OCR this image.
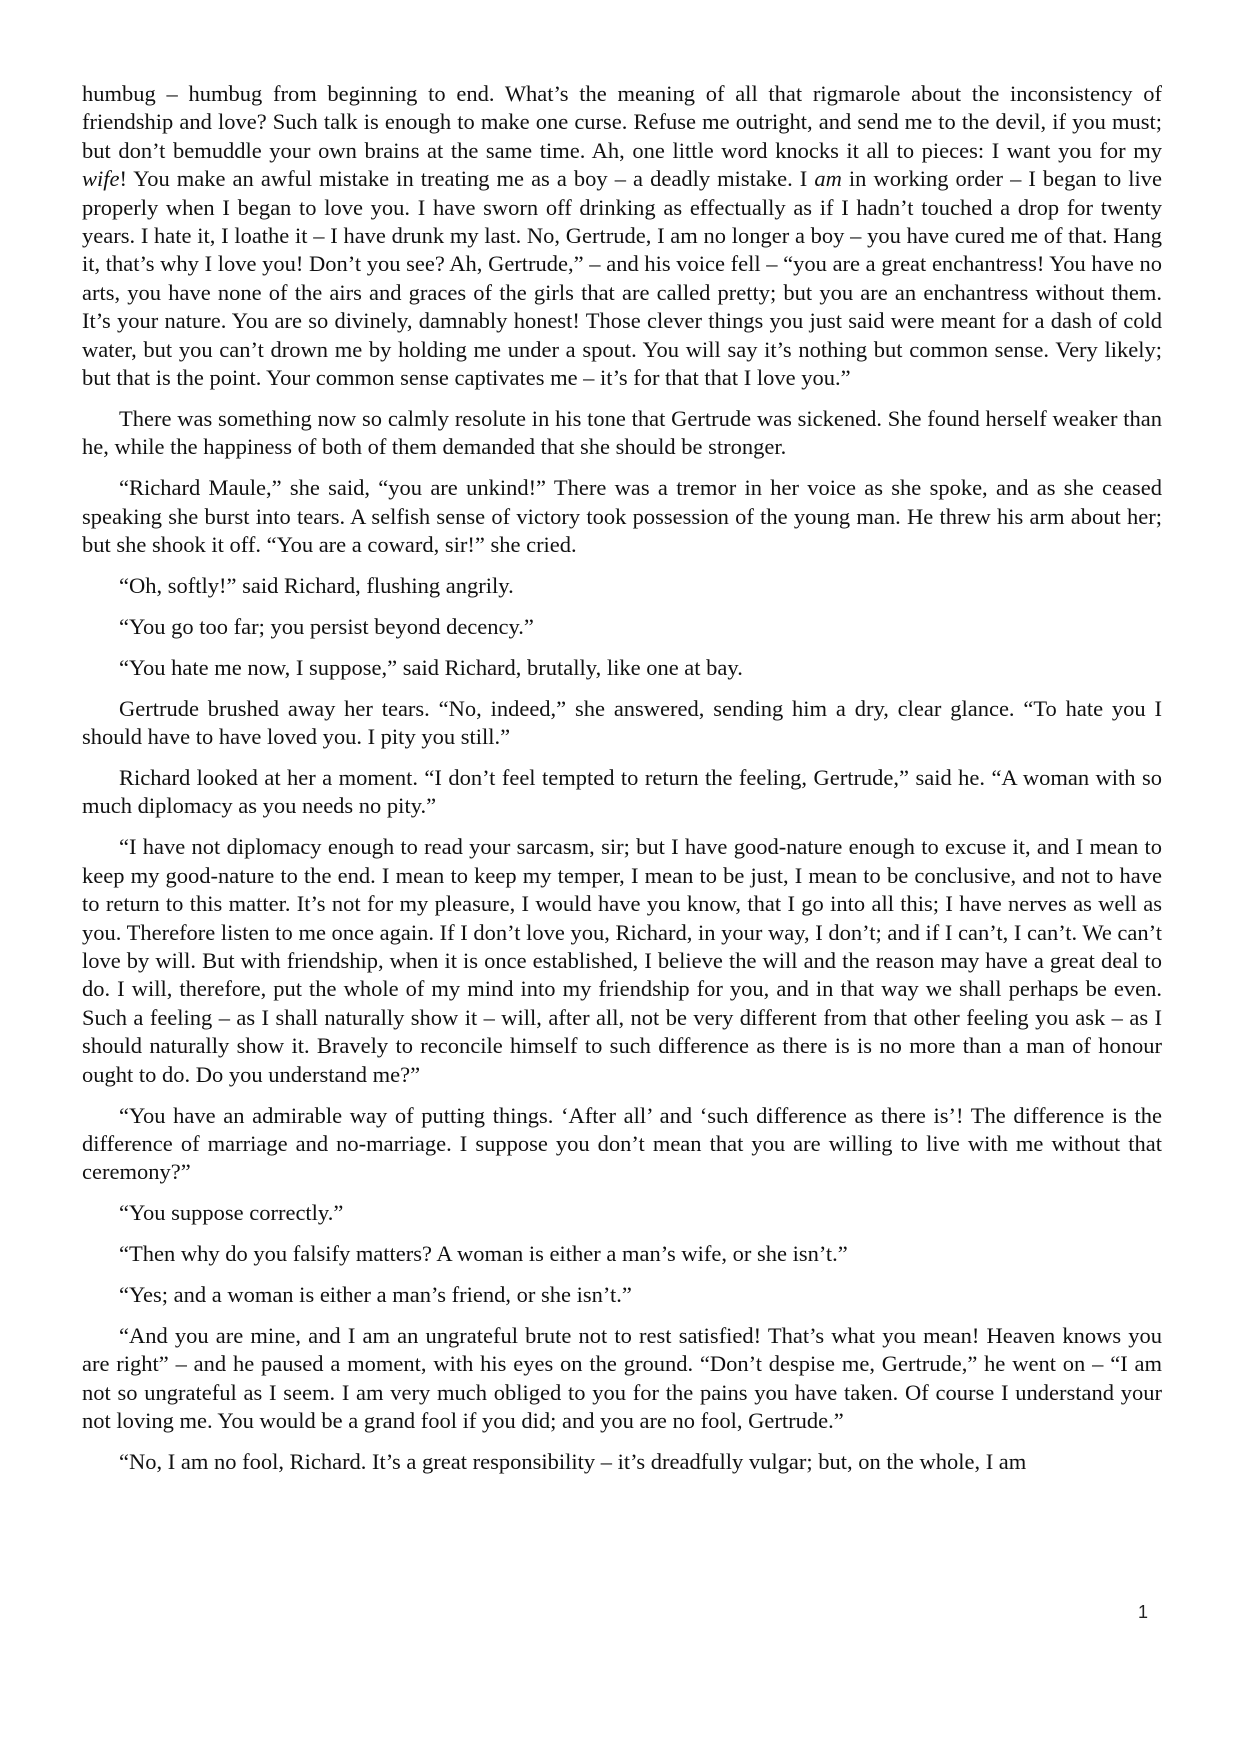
humbug – humbug from beginning to end. What’s the meaning of all that rigmarole about the inconsistency of friendship and love? Such talk is enough to make one curse. Refuse me outright, and send me to the devil, if you must; but don’t bemuddle your own brains at the same time. Ah, one little word knocks it all to pieces: I want you for my wife! You make an awful mistake in treating me as a boy – a deadly mistake. I am in working order – I began to live properly when I began to love you. I have sworn off drinking as effectually as if I hadn’t touched a drop for twenty years. I hate it, I loathe it – I have drunk my last. No, Gertrude, I am no longer a boy – you have cured me of that. Hang it, that’s why I love you! Don’t you see? Ah, Gertrude,” – and his voice fell – “you are a great enchantress! You have no arts, you have none of the airs and graces of the girls that are called pretty; but you are an enchantress without them. It’s your nature. You are so divinely, damnably honest! Those clever things you just said were meant for a dash of cold water, but you can’t drown me by holding me under a spout. You will say it’s nothing but common sense. Very likely; but that is the point. Your common sense captivates me – it’s for that that I love you.”

There was something now so calmly resolute in his tone that Gertrude was sickened. She found herself weaker than he, while the happiness of both of them demanded that she should be stronger.

“Richard Maule,” she said, “you are unkind!” There was a tremor in her voice as she spoke, and as she ceased speaking she burst into tears. A selfish sense of victory took possession of the young man. He threw his arm about her; but she shook it off. “You are a coward, sir!” she cried.

“Oh, softly!” said Richard, flushing angrily.

“You go too far; you persist beyond decency.”

“You hate me now, I suppose,” said Richard, brutally, like one at bay.

Gertrude brushed away her tears. “No, indeed,” she answered, sending him a dry, clear glance. “To hate you I should have to have loved you. I pity you still.”

Richard looked at her a moment. “I don’t feel tempted to return the feeling, Gertrude,” said he. “A woman with so much diplomacy as you needs no pity.”

“I have not diplomacy enough to read your sarcasm, sir; but I have good-nature enough to excuse it, and I mean to keep my good-nature to the end. I mean to keep my temper, I mean to be just, I mean to be conclusive, and not to have to return to this matter. It’s not for my pleasure, I would have you know, that I go into all this; I have nerves as well as you. Therefore listen to me once again. If I don’t love you, Richard, in your way, I don’t; and if I can’t, I can’t. We can’t love by will. But with friendship, when it is once established, I believe the will and the reason may have a great deal to do. I will, therefore, put the whole of my mind into my friendship for you, and in that way we shall perhaps be even. Such a feeling – as I shall naturally show it – will, after all, not be very different from that other feeling you ask – as I should naturally show it. Bravely to reconcile himself to such difference as there is is no more than a man of honour ought to do. Do you understand me?”

“You have an admirable way of putting things. ‘After all’ and ‘such difference as there is’! The difference is the difference of marriage and no-marriage. I suppose you don’t mean that you are willing to live with me without that ceremony?”

“You suppose correctly.”

“Then why do you falsify matters? A woman is either a man’s wife, or she isn’t.”

“Yes; and a woman is either a man’s friend, or she isn’t.”

“And you are mine, and I am an ungrateful brute not to rest satisfied! That’s what you mean! Heaven knows you are right” – and he paused a moment, with his eyes on the ground. “Don’t despise me, Gertrude,” he went on – “I am not so ungrateful as I seem. I am very much obliged to you for the pains you have taken. Of course I understand your not loving me. You would be a grand fool if you did; and you are no fool, Gertrude.”

“No, I am no fool, Richard. It’s a great responsibility – it’s dreadfully vulgar; but, on the whole, I am

1
